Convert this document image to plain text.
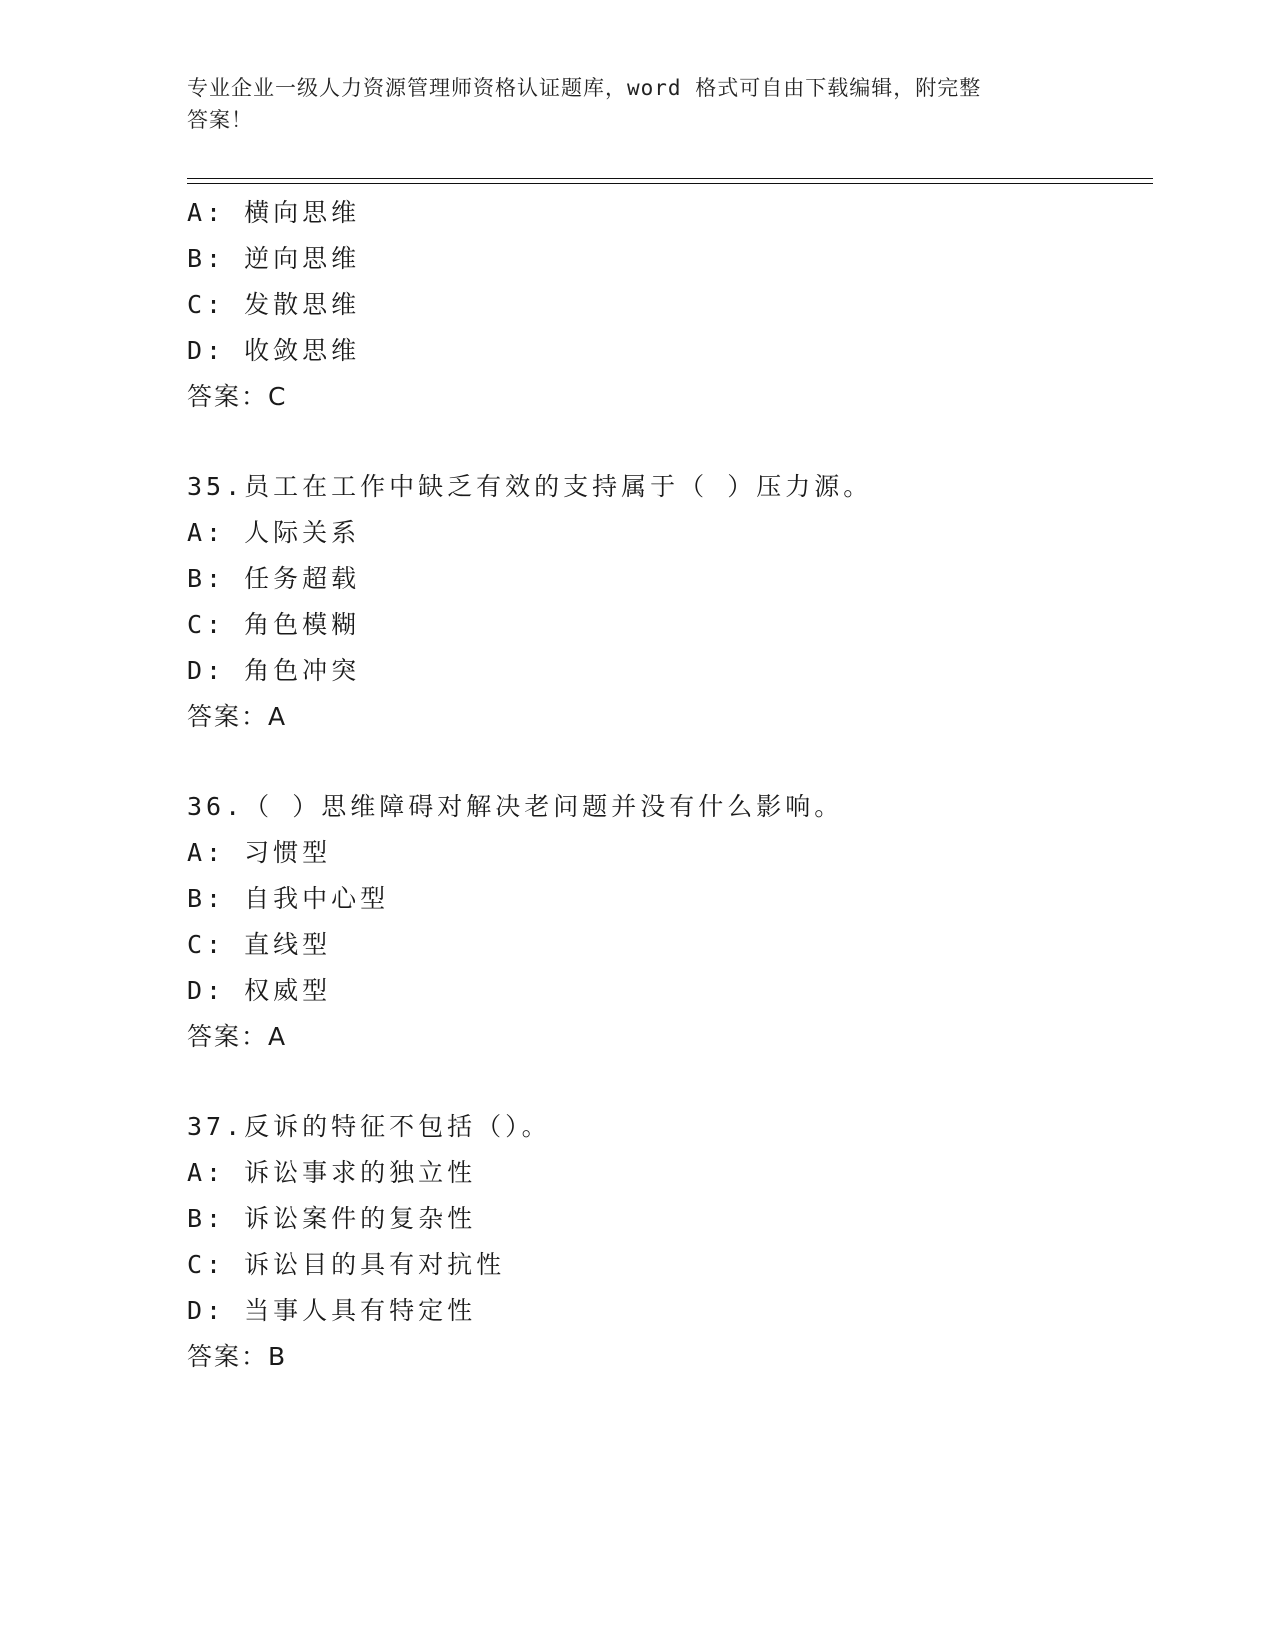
专业企业一级人力资源管理师资格认证题库，word 格式可自由下载编辑，附完整
答案！
A: 横向思维
B: 逆向思维
C: 发散思维
D: 收敛思维
答案：C
35.员工在工作中缺乏有效的支持属于（ ）压力源。
A: 人际关系
B: 任务超载
C: 角色模糊
D: 角色冲突
答案：A
36.（ ）思维障碍对解决老问题并没有什么影响。
A: 习惯型
B: 自我中心型
C: 直线型
D: 权威型
答案：A
37.反诉的特征不包括（）。
A: 诉讼事求的独立性
B: 诉讼案件的复杂性
C: 诉讼目的具有对抗性
D: 当事人具有特定性
答案：B
